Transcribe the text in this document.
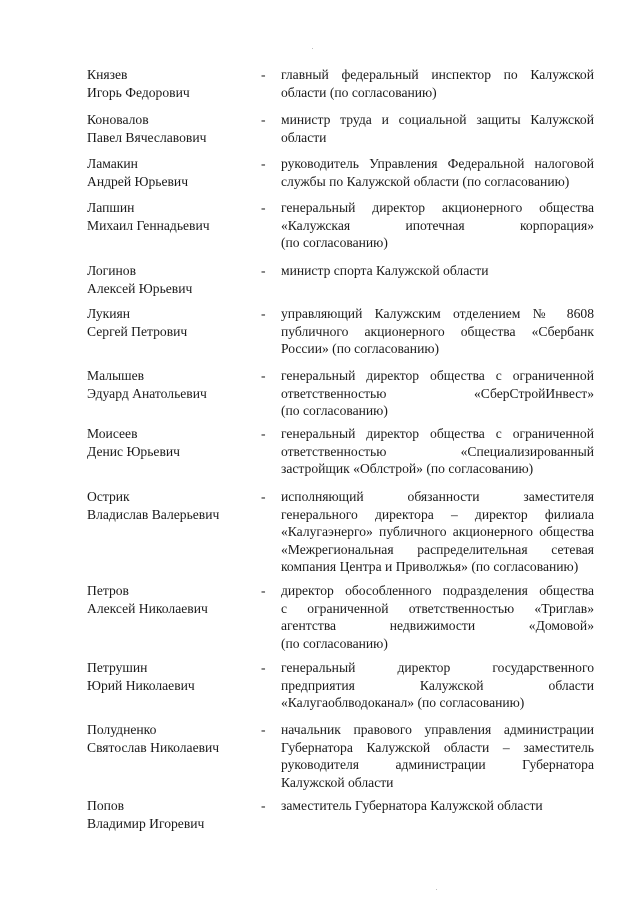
Князев
Игорь Федорович
- главный федеральный инспектор по Калужской
области (по согласованию)
Коновалов
Павел Вячеславович
- министр труда и социальной защиты Калужской
области
Ламакин
Андрей Юрьевич
- руководитель Управления Федеральной налоговой
службы по Калужской области (по согласованию)
Лапшин
Михаил Геннадьевич
- генеральный директор акционерного общества
«Калужская ипотечная корпорация»
(по согласованию)
Логинов
Алексей Юрьевич
- министр спорта Калужской области
Лукиян
Сергей Петрович
- управляющий Калужским отделением № 8608
публичного акционерного общества «Сбербанк
России» (по согласованию)
Малышев
Эдуард Анатольевич
- генеральный директор общества с ограниченной
ответственностью «СберСтройИнвест»
(по согласованию)
Моисеев
Денис Юрьевич
- генеральный директор общества с ограниченной
ответственностью «Специализированный
застройщик «Облстрой» (по согласованию)
Острик
Владислав Валерьевич
- исполняющий обязанности заместителя
генерального директора – директор филиала
«Калугаэнерго» публичного акционерного общества
«Межрегиональная распределительная сетевая
компания Центра и Приволжья» (по согласованию)
Петров
Алексей Николаевич
- директор обособленного подразделения общества
с ограниченной ответственностью «Триглав»
агентства недвижимости «Домовой»
(по согласованию)
Петрушин
Юрий Николаевич
- генеральный директор государственного
предприятия Калужской области
«Калугаоблводоканал» (по согласованию)
Полудненко
Святослав Николаевич
- начальник правового управления администрации
Губернатора Калужской области – заместитель
руководителя администрации Губернатора
Калужской области
Попов
Владимир Игоревич
- заместитель Губернатора Калужской области
